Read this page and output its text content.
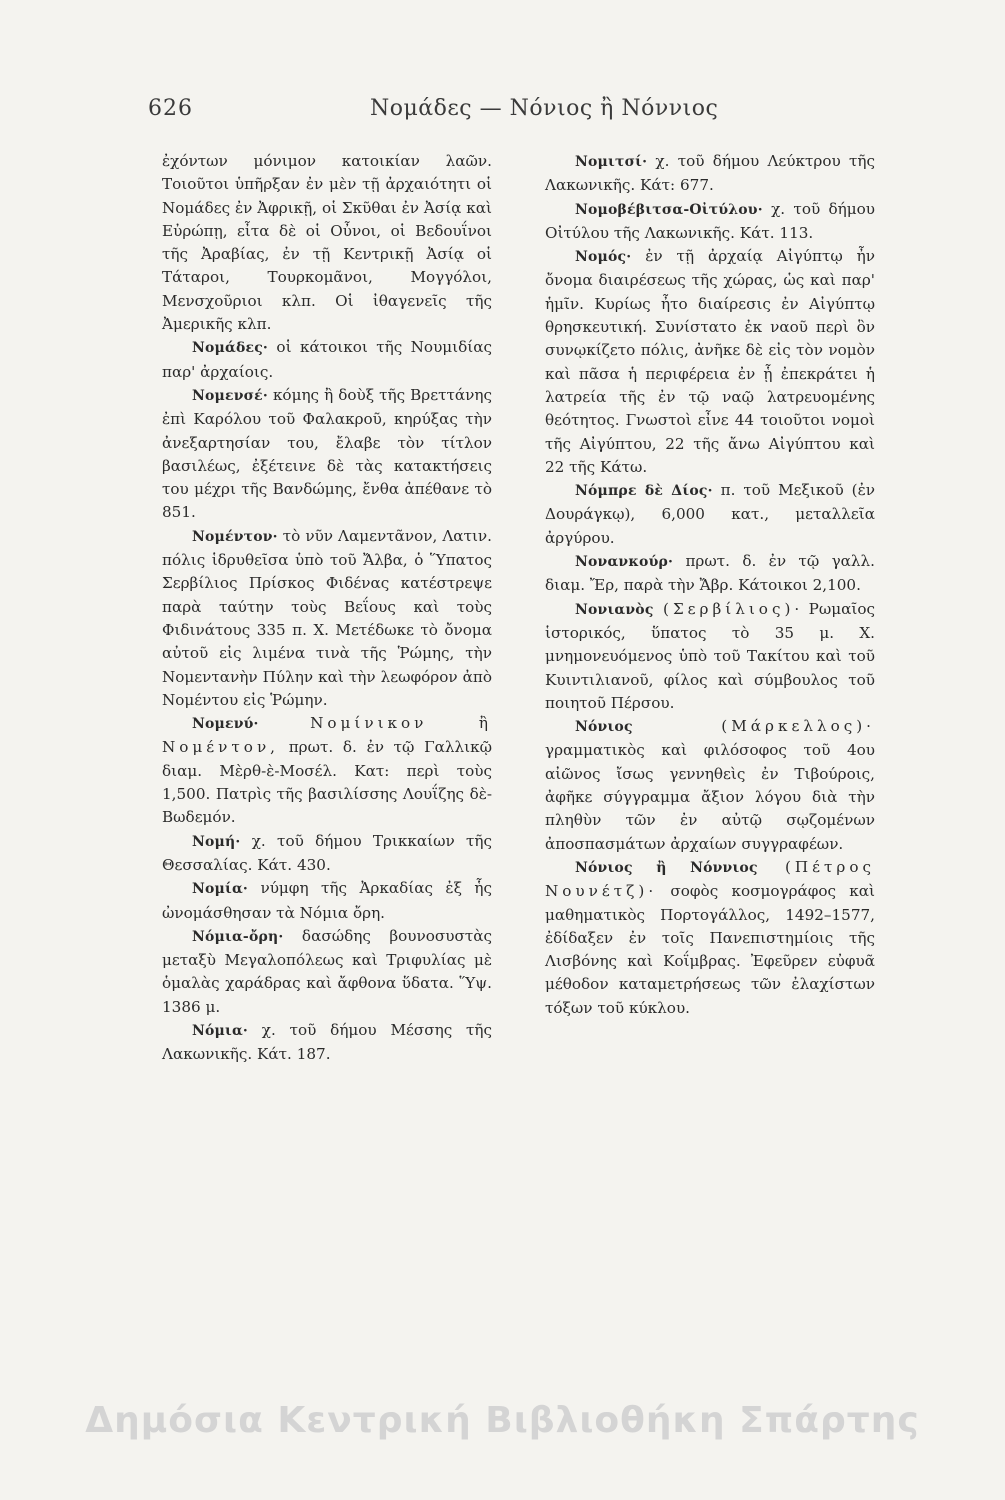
626	Νομάδες — Νόνιος ἢ Νόννιος

ἐχόντων μόνιμον κατοικίαν λαῶν. Τοιοῦτοι ὑπῆρξαν ἐν μὲν τῇ ἀρχαιότητι οἱ Νομάδες ἐν Ἀφρικῇ, οἱ Σκῦθαι ἐν Ἀσίᾳ καὶ Εὐρώπῃ, εἶτα δὲ οἱ Οὖνοι, οἱ Βεδουΐνοι τῆς Ἀραβίας, ἐν τῇ Κεντρικῇ Ἀσίᾳ οἱ Τάταροι, Τουρκομᾶνοι, Μογγόλοι, Μενσχοῦριοι κλπ. Οἱ ἰθαγενεῖς τῆς Ἀμερικῆς κλπ.

Νομάδες· οἱ κάτοικοι τῆς Νουμιδίας παρ' ἀρχαίοις.

Νομενσέ· κόμης ἢ δοὺξ τῆς Βρεττάνης ἐπὶ Καρόλου τοῦ Φαλακροῦ, κηρύξας τὴν ἀνεξαρτησίαν του, ἔλαβε τὸν τίτλον βασιλέως, ἐξέτεινε δὲ τὰς κατακτήσεις του μέχρι τῆς Βανδώμης, ἔνθα ἀπέθανε τὸ 851.

Νομέντον· τὸ νῦν Λαμεντᾶνον, Λατιν. πόλις ἱδρυθεῖσα ὑπὸ τοῦ Ἄλβα, ὁ Ὕπατος Σερβίλιος Πρίσκος Φιδένας κατέστρεψε παρὰ ταύτην τοὺς Βεΐους καὶ τοὺς Φιδινάτους 335 π. Χ. Μετέδωκε τὸ ὄνομα αὐτοῦ εἰς λιμένα τινὰ τῆς Ῥώμης, τὴν Νομεντανὴν Πύλην καὶ τὴν λεωφόρον ἀπὸ Νομέντου εἰς Ῥώμην.

Νομενύ· Νομίνικον ἢ Νομέντον, πρωτ. δ. ἐν τῷ Γαλλικῷ διαμ. Μὲρθ-ὲ-Μοσέλ. Κατ: περὶ τοὺς 1,500. Πατρὶς τῆς βασιλίσσης Λουΐζης δὲ-Βωδεμόν.

Νομή· χ. τοῦ δήμου Τρικκαίων τῆς Θεσσαλίας. Κάτ. 430.

Νομία· νύμφη τῆς Ἀρκαδίας ἐξ ἧς ὠνομάσθησαν τὰ Νόμια ὄρη.

Νόμια-ὄρη· δασώδης βουνοσυστὰς μεταξὺ Μεγαλοπόλεως καὶ Τριφυλίας μὲ ὁμαλὰς χαράδρας καὶ ἄφθονα ὕδατα. Ὕψ. 1386 μ.

Νόμια· χ. τοῦ δήμου Μέσσης τῆς Λακωνικῆς. Κάτ. 187.

Νομιτσί· χ. τοῦ δήμου Λεύκτρου τῆς Λακωνικῆς. Κάτ: 677.

Νομοβέβιτσα-Οἰτύλου· χ. τοῦ δήμου Οἰτύλου τῆς Λακωνικῆς. Κάτ. 113.

Νομός· ἐν τῇ ἀρχαίᾳ Αἰγύπτῳ ἦν ὄνομα διαιρέσεως τῆς χώρας, ὡς καὶ παρ' ἡμῖν. Κυρίως ἦτο διαίρεσις ἐν Αἰγύπτῳ θρησκευτική. Συνίστατο ἐκ ναοῦ περὶ ὃν συνῳκίζετο πόλις, ἀνῆκε δὲ εἰς τὸν νομὸν καὶ πᾶσα ἡ περιφέρεια ἐν ᾗ ἐπεκράτει ἡ λατρεία τῆς ἐν τῷ ναῷ λατρευομένης θεότητος. Γνωστοὶ εἶνε 44 τοιοῦτοι νομοὶ τῆς Αἰγύπτου, 22 τῆς ἄνω Αἰγύπτου καὶ 22 τῆς Κάτω.

Νόμπρε δὲ Δίος· π. τοῦ Μεξικοῦ (ἐν Δουράγκῳ), 6,000 κατ., μεταλλεῖα ἀργύρου.

Νονανκούρ· πρωτ. δ. ἐν τῷ γαλλ. διαμ. Ἔρ, παρὰ τὴν Ἄβρ. Κάτοικοι 2,100.

Νονιανὸς (Σερβίλιος)· Ρωμαῖος ἱστορικός, ὕπατος τὸ 35 μ. Χ. μνημονευόμενος ὑπὸ τοῦ Τακίτου καὶ τοῦ Κυιντιλιανοῦ, φίλος καὶ σύμβουλος τοῦ ποιητοῦ Πέρσου.

Νόνιος (Μάρκελλος)· γραμματικὸς καὶ φιλόσοφος τοῦ 4ου αἰῶνος ἴσως γεννηθεὶς ἐν Τιβούροις, ἀφῆκε σύγγραμμα ἄξιον λόγου διὰ τὴν πληθὺν τῶν ἐν αὐτῷ σῳζομένων ἀποσπασμάτων ἀρχαίων συγγραφέων.

Νόνιος ἢ Νόννιος (Πέτρος Νουνέτζ)· σοφὸς κοσμογράφος καὶ μαθηματικὸς Πορτογάλλος, 1492–1577, ἐδίδαξεν ἐν τοῖς Πανεπιστημίοις τῆς Λισβόνης καὶ Κοΐμβρας. Ἐφεῦρεν εὐφυᾶ μέθοδον καταμετρήσεως τῶν ἐλαχίστων τόξων τοῦ κύκλου.

Δημόσια Κεντρική Βιβλιοθήκη Σπάρτης
